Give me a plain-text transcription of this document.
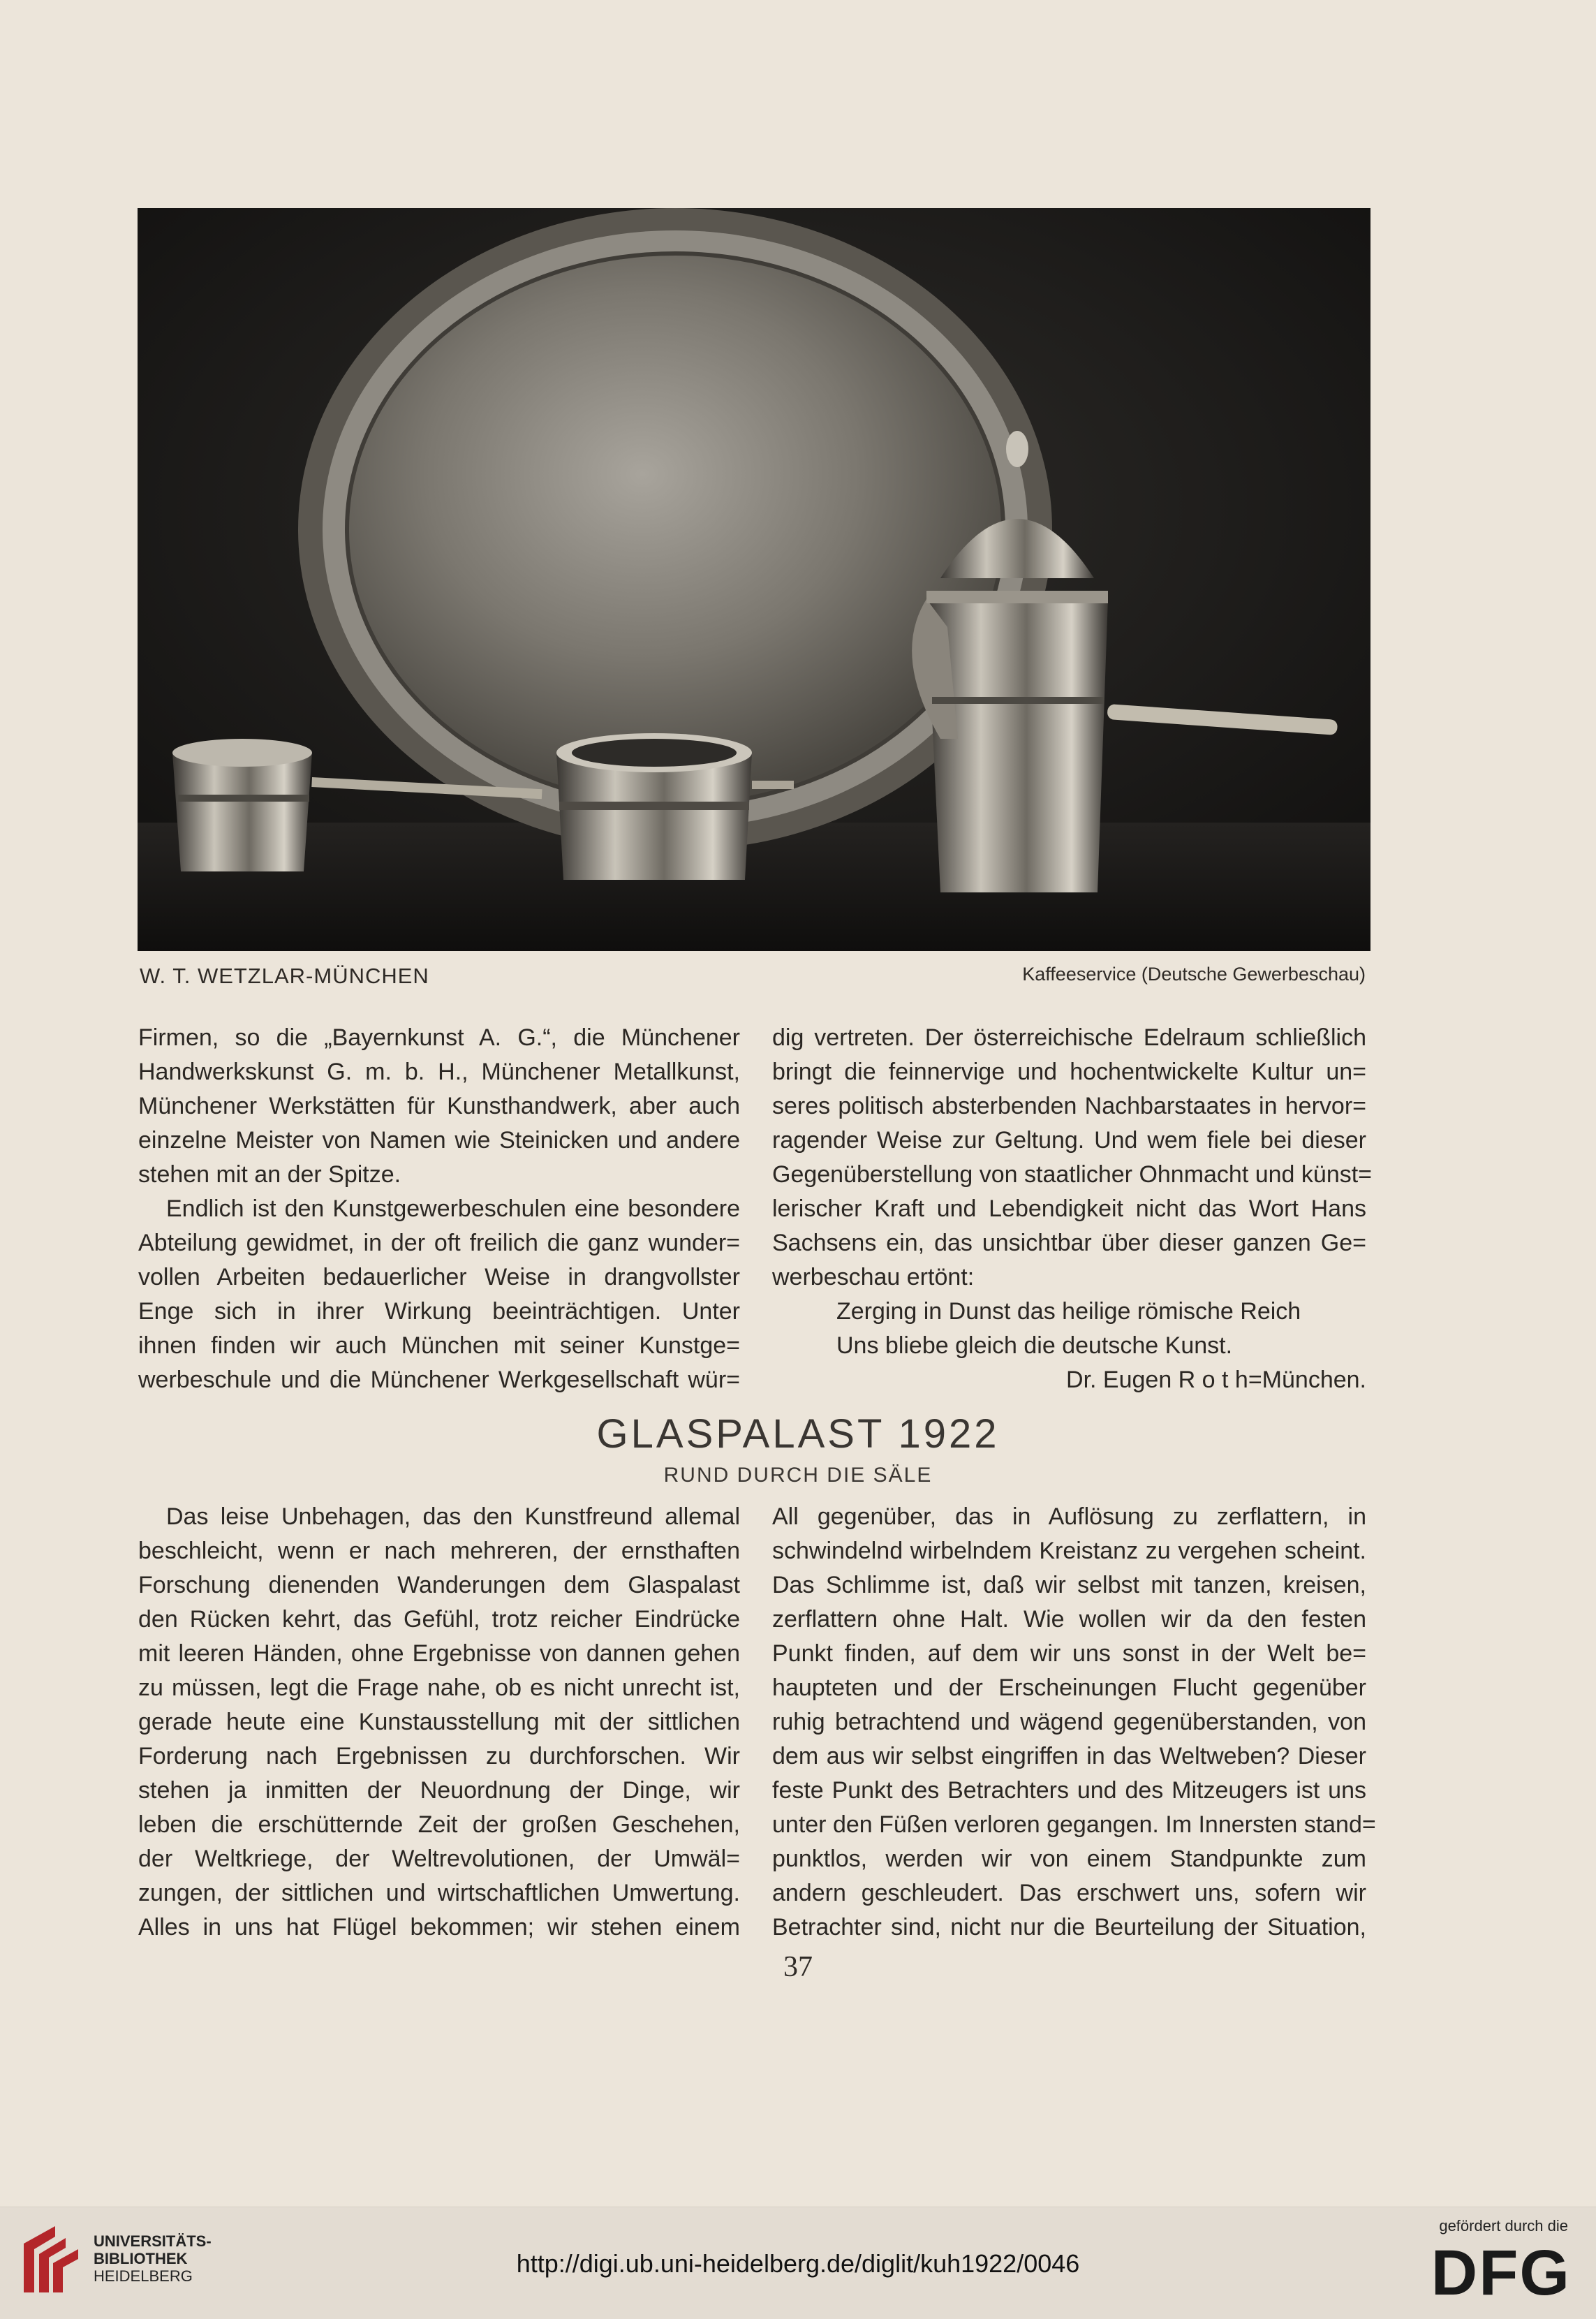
W. T. WETZLAR-MÜNCHEN	Kaffeeservice (Deutsche Gewerbeschau)
Firmen, so die „Bayernkunst A. G.“, die Münchener
Handwerkskunst G. m. b. H., Münchener Metallkunst,
Münchener Werkstätten für Kunsthandwerk, aber auch
einzelne Meister von Namen wie Steinicken und andere
stehen mit an der Spitze.
Endlich ist den Kunstgewerbeschulen eine besondere
Abteilung gewidmet, in der oft freilich die ganz wunder=
vollen Arbeiten bedauerlicher Weise in drangvollster
Enge sich in ihrer Wirkung beeinträchtigen. Unter
ihnen finden wir auch München mit seiner Kunstge=
werbeschule und die Münchener Werkgesellschaft wür=
dig vertreten. Der österreichische Edelraum schließlich
bringt die feinnervige und hochentwickelte Kultur un=
seres politisch absterbenden Nachbarstaates in hervor=
ragender Weise zur Geltung. Und wem fiele bei dieser
Gegenüberstellung von staatlicher Ohnmacht und künst=
lerischer Kraft und Lebendigkeit nicht das Wort Hans
Sachsens ein, das unsichtbar über dieser ganzen Ge=
werbeschau ertönt:
Zerging in Dunst das heilige römische Reich
Uns bliebe gleich die deutsche Kunst.
Dr. Eugen R o t h=München.
GLASPALAST 1922
RUND DURCH DIE SÄLE
Das leise Unbehagen, das den Kunstfreund allemal
beschleicht, wenn er nach mehreren, der ernsthaften
Forschung dienenden Wanderungen dem Glaspalast
den Rücken kehrt, das Gefühl, trotz reicher Eindrücke
mit leeren Händen, ohne Ergebnisse von dannen gehen
zu müssen, legt die Frage nahe, ob es nicht unrecht ist,
gerade heute eine Kunstausstellung mit der sittlichen
Forderung nach Ergebnissen zu durchforschen. Wir
stehen ja inmitten der Neuordnung der Dinge, wir
leben die erschütternde Zeit der großen Geschehen,
der Weltkriege, der Weltrevolutionen, der Umwäl=
zungen, der sittlichen und wirtschaftlichen Umwertung.
Alles in uns hat Flügel bekommen; wir stehen einem
All gegenüber, das in Auflösung zu zerflattern, in
schwindelnd wirbelndem Kreistanz zu vergehen scheint.
Das Schlimme ist, daß wir selbst mit tanzen, kreisen,
zerflattern ohne Halt. Wie wollen wir da den festen
Punkt finden, auf dem wir uns sonst in der Welt be=
haupteten und der Erscheinungen Flucht gegenüber
ruhig betrachtend und wägend gegenüberstanden, von
dem aus wir selbst eingriffen in das Weltweben? Dieser
feste Punkt des Betrachters und des Mitzeugers ist uns
unter den Füßen verloren gegangen. Im Innersten stand=
punktlos, werden wir von einem Standpunkte zum
andern geschleudert. Das erschwert uns, sofern wir
Betrachter sind, nicht nur die Beurteilung der Situation,
37
UNIVERSITÄTS-
BIBLIOTHEK
HEIDELBERG	http://digi.ub.uni-heidelberg.de/diglit/kuh1922/0046
gefördert durch die
DFG
